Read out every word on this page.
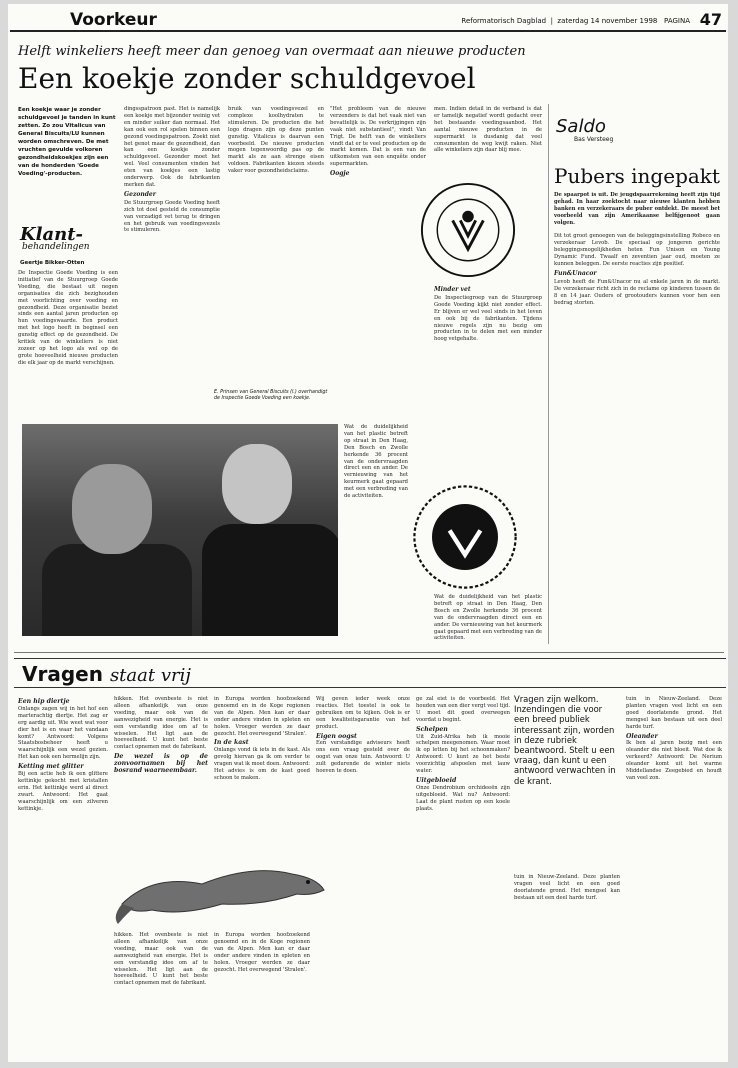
Voorkeur	Reformatorisch Dagblad  |  zaterdag 14 november 1998 PAGINA 47
Helft winkeliers heeft meer dan genoeg van overmaat aan nieuwe producten
Een koekje zonder schuldgevoel
Een koekje waar je zonder schuldgevoel je tanden in kunt zetten. Zo zou Vitalicus van General Biscuits/LU kunnen worden omschreven. De met vruchten gevulde volkoren gezondheidskoekjes zijn een van de honderden 'Goede Voeding'-producten.
Klant-
behandelingen
Geertje Bikker-Otten
De Inspectie Goede Voeding is een initiatief van de Stuurgroep Goede Voeding, die bestaat uit negen organisaties die zich bezighouden met voorlichting over voeding en gezondheid. Deze organisatie beziet sinds een aantal jaren producten op hun voedingswaarde. Een product met het logo heeft in beginsel een gunstig effect op de gezondheid. De kritiek van de winkeliers is niet zozeer op het logo als wel op de grote hoeveelheid nieuwe producten die elk jaar op de markt verschijnen.
dingsspatroon past. Het is namelijk een koekje met bijzonder weinig vet en minder suiker dan normaal. Het kan ook een rol spelen binnen een gezond voedingspatroon. Zoekt niet het genot maar de gezondheid, dan kan een koekje zonder schuldgevoel. Gezonder moet het wel. Veel consumenten vinden het eten van koekjes een lastig onderwerp. Ook de fabrikanten merken dat.
Gezonder
De Stuurgroep Goede Voeding heeft zich tot doel gesteld de consumptie van verzadigd vet terug te dringen en het gebruik van voedingsvezels te stimuleren.
bruik van voedingsvezel en complexe koolhydraten te stimuleren. De producten die het logo dragen zijn op deze punten gunstig. Vitalicus is daarvan een voorbeeld. De nieuwe producten mogen tegenwoordig pas op de markt als ze aan strenge eisen voldoen. Fabrikanten kiezen steeds vaker voor gezondheidsclaims.
E. Prinsen van General Biscuits (l.) overhandigt de Inspectie Goede Voeding een koekje.
"Het probleem van de nieuwe verzenders is dat het vaak niet van bevattelijk is. De verkrijgingen zijn vaak niet substantieel", vindt Van Trigt. De helft van de winkeliers vindt dat er te veel producten op de markt komen. Dat is een van de uitkomsten van een enquête onder supermarkten.
Oogje
men. Indien detail in de verband is dat er tamelijk negatief wordt gedacht over het bestaande voedingsaanbod. Het aantal nieuwe producten in de supermarkt is dusdanig dat veel consumenten de weg kwijt raken. Niet alle winkeliers zijn daar blij mee.
Minder vet
De Inspectiegroep van de Stuurgroep Goede Voeding kijkt niet zonder effect. Er blijven er wel veel sinds in het leven en ook bij de fabrikanten. Tijdens nieuwe regels zijn nu bezig om producten in te delen met een minder hoog vetgehalte.
Wat de duidelijkheid van het plastic betreft op straat in Den Haag, Den Bosch en Zwolle herkende 36 procent van de ondervraagden direct een en ander. De vernieuwing van het keurmerk gaat gepaard met een verbreding van de activiteiten.
Wat de duidelijkheid van het plastic betreft op straat in Den Haag, Den Bosch en Zwolle herkende 36 procent van de ondervraagden direct een en ander. De vernieuwing van het keurmerk gaat gepaard met een verbreding van de activiteiten.
Saldo
Bas Versteeg
Pubers ingepakt
De spaarpot is uit. De jeugdspaarrekening heeft zijn tijd gehad. In haar zoektocht naar nieuwe klanten hebben banken en verzekeraars de puber ontdekt. De meest bet voorbeeld van zijn Amerikaanse belfijgenoot gaan volgen.

Dit tot groot genoegen van de beleggingsinstelling Robeco en verzekeraar Levob. De speciaal op jongeren gerichte beleggingsmogelijkheden heten Fun Unison en Young Dynamic Fund. Twaalf en zeventien jaar oud, moeten ze kunnen beleggen. De eerste reacties zijn positief.
Fun&Unacor
Levob heeft de Fun&Unacor nu al enkele jaren in de markt. De verzekeraar richt zich in de reclame op kinderen tussen de 8 en 14 jaar. Ouders of grootouders kunnen voor hen een bedrag storten.
Vragen staat vrij
Een hip diertje
Onlangs zagen wij in het hof een marterachtig diertje. Het zag er erg aardig uit. Wie weet wat voor dier het is en waar het vandaan komt? Antwoord: Volgens Staatsbosbeheer heeft u waarschijnlijk een wezel gezien. Het kan ook een hermelijn zijn.
Ketting met glitter
Bij een actie heb ik een glittere kettinkje gekocht met kristallen erin. Het kettinkje werd al direct zwart. Antwoord: Het gaat waarschijnlijk om een zilveren kettinkje.
hikken. Het ovenbeste is niet alleen afhankelijk van onze voeding, maar ook van de aanwezigheid van energie. Het is een verstandig idee om af te wisselen. Het ligt aan de hoeveelheid. U kunt het beste contact opnemen met de fabrikant.
De wezel is op de zonvoornamen bij het bosrand waarneembaar.
in Europa worden hoofzoekend genoemd en in de Koge regionen van de Alpen. Men kan er daar onder andere vinden in spleten en holen. Vroeger werden ze daar gezocht. Het overwegend 'Stralen'.
In de kast
Onlangs vond ik iets in de kast. Als gevolg hiervan ga ik om verder te vragen wat ik moet doen. Antwoord: Het advies is om de kast goed schoon te maken.
hikken. Het ovenbeste is niet alleen afhankelijk van onze voeding, maar ook van de aanwezigheid van energie. Het is een verstandig idee om af te wisselen. Het ligt aan de hoeveelheid. U kunt het beste contact opnemen met de fabrikant.
in Europa worden hoofzoekend genoemd en in de Koge regionen van de Alpen. Men kan er daar onder andere vinden in spleten en holen. Vroeger werden ze daar gezocht. Het overwegend 'Stralen'.
Wij geven ieder week onze reacties. Het toestel is ook te gebruiken om te kijken. Ook is er een kwaliteitsgarantie van het product.
Eigen oogst
Een verstandige adviseurs heeft ons een vraag gesteld over de oogst van onze tuin. Antwoord: U zult gedurende de winter niets hoeven te doen.
ge zal eiet is de voorbeeld. Het houden van een dier vergt veel tijd. U moet dit goed overwegen voordat u begint.
Schelpen
Uit Zuid-Afrika heb ik mooie schelpen meegenomen. Waar moet ik op letten bij het schoonmaken? Antwoord: U kunt ze het beste voorzichtig afspoelen met lauw water.
Uitgebloeid
Onze Dendrobium orchideeën zijn uitgebloeid. Wat nu? Antwoord: Laat de plant rusten op een koele plaats.
Vragen zijn welkom. Inzendingen die voor een breed publiek interessant zijn, worden in deze rubriek beantwoord. Stelt u een vraag, dan kunt u een antwoord verwachten in de krant.
tuin in Nieuw-Zeeland. Deze planten vragen veel licht en een goed doorlatende grond. Het mengsel kan bestaan uit een deel harde turf.
tuin in Nieuw-Zeeland. Deze planten vragen veel licht en een goed doorlatende grond. Het mengsel kan bestaan uit een deel harde turf.
Oleander
Ik ben al jaren bezig met een oleander die niet bloeit. Wat doe ik verkeerd? Antwoord: De Nerium oleander komt uit het warme Middellandse Zeegebied en houdt van veel zon.
